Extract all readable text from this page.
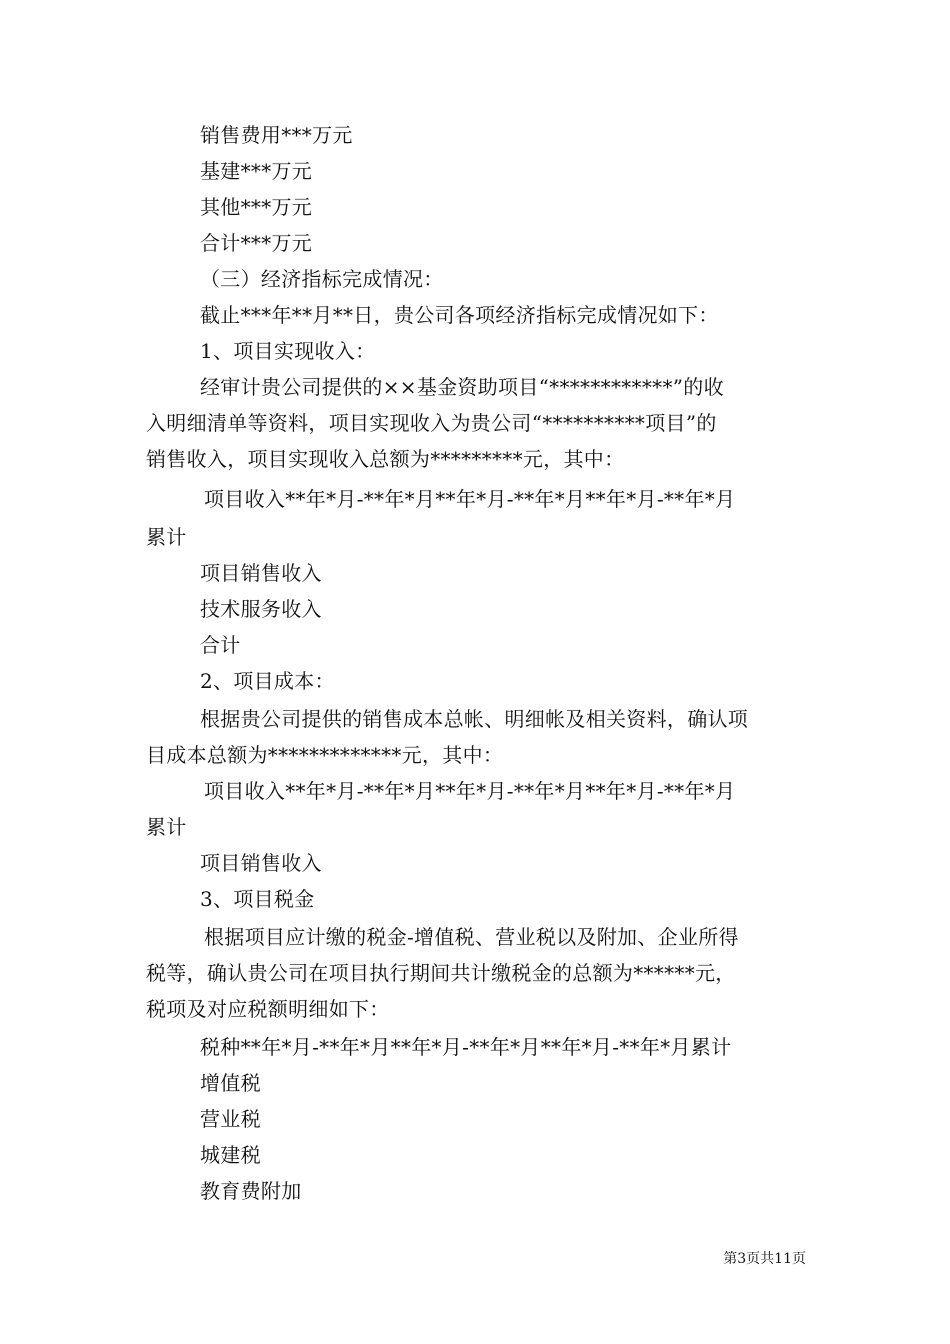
销售费用***万元
基建***万元
其他***万元
合计***万元
（三）经济指标完成情况：
截止***年**月**日，贵公司各项经济指标完成情况如下：
1、项目实现收入：
经审计贵公司提供的××基金资助项目“************”的收
入明细清单等资料，项目实现收入为贵公司“**********项目”的
销售收入，项目实现收入总额为*********元，其中：
项目收入**年*月-**年*月**年*月-**年*月**年*月-**年*月
累计
项目销售收入
技术服务收入
合计
2、项目成本：
根据贵公司提供的销售成本总帐、明细帐及相关资料，确认项
目成本总额为*************元，其中：
项目收入**年*月-**年*月**年*月-**年*月**年*月-**年*月
累计
项目销售收入
3、项目税金
根据项目应计缴的税金-增值税、营业税以及附加、企业所得
税等，确认贵公司在项目执行期间共计缴税金的总额为******元，
税项及对应税额明细如下：
税种**年*月-**年*月**年*月-**年*月**年*月-**年*月累计
增值税
营业税
城建税
教育费附加
第3页共11页
